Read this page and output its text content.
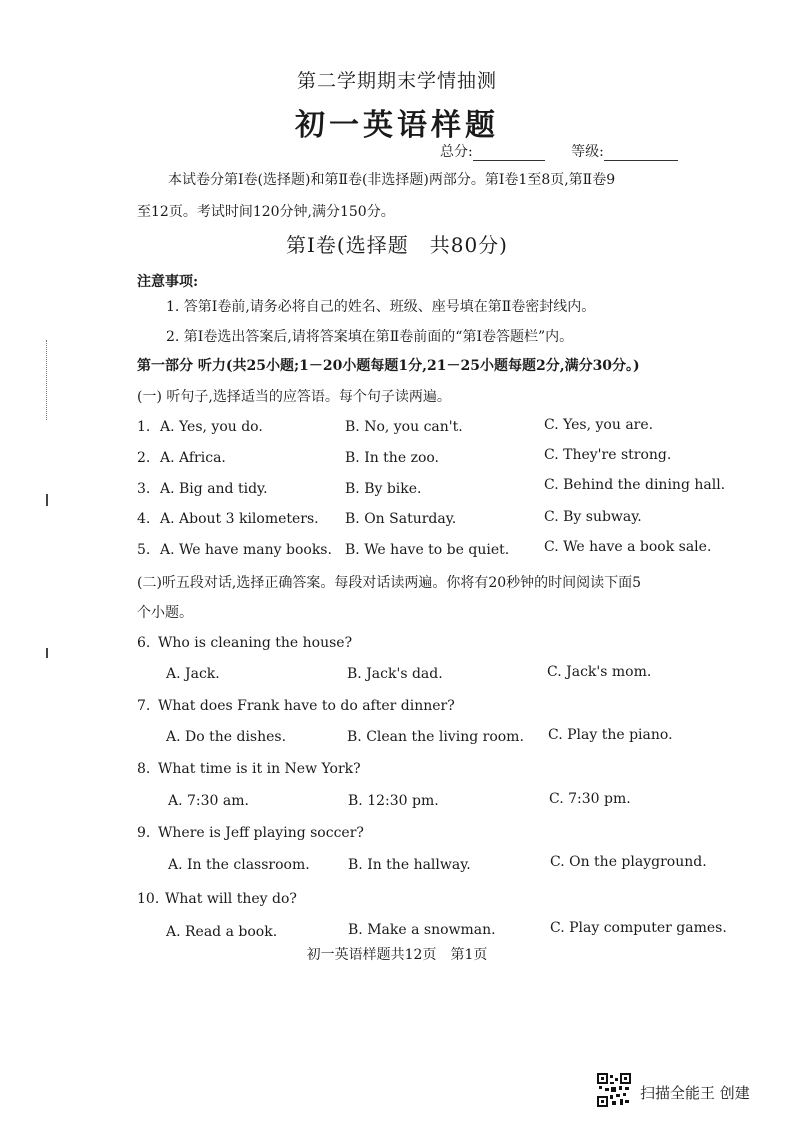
第二学期期末学情抽测
初一英语样题
总分:	等级:
本试卷分第Ⅰ卷(选择题)和第Ⅱ卷(非选择题)两部分。第Ⅰ卷1至8页,第Ⅱ卷9
至12页。考试时间120分钟,满分150分。
第Ⅰ卷(选择题　共80分)
注意事项:
1. 答第Ⅰ卷前,请务必将自己的姓名、班级、座号填在第Ⅱ卷密封线内。
2. 第Ⅰ卷选出答案后,请将答案填在第Ⅱ卷前面的“第Ⅰ卷答题栏”内。
第一部分 听力(共25小题;1－20小题每题1分,21－25小题每题2分,满分30分。)
(一) 听句子,选择适当的应答语。每个句子读两遍。
1. A. Yes, you do.	B. No, you can't.	C. Yes, you are.
2. A. Africa.	B. In the zoo.	C. They're strong.
3. A. Big and tidy.	B. By bike.	C. Behind the dining hall.
4. A. About 3 kilometers. B. On Saturday.	C. By subway.
5. A. We have many books. B. We have to be quiet. C. We have a book sale.
(二)听五段对话,选择正确答案。每段对话读两遍。你将有20秒钟的时间阅读下面5
个小题。
6. Who is cleaning the house?
A. Jack.	B. Jack's dad.	C. Jack's mom.
7. What does Frank have to do after dinner?
A. Do the dishes.	B. Clean the living room. C. Play the piano.
8. What time is it in New York?
A. 7:30 am.	B. 12:30 pm.	C. 7:30 pm.
9. Where is Jeff playing soccer?
A. In the classroom.	B. In the hallway.	C. On the playground.
10. What will they do?
A. Read a book.	B. Make a snowman.	C. Play computer games.
初一英语样题共12页　第1页
扫描全能王 创建
